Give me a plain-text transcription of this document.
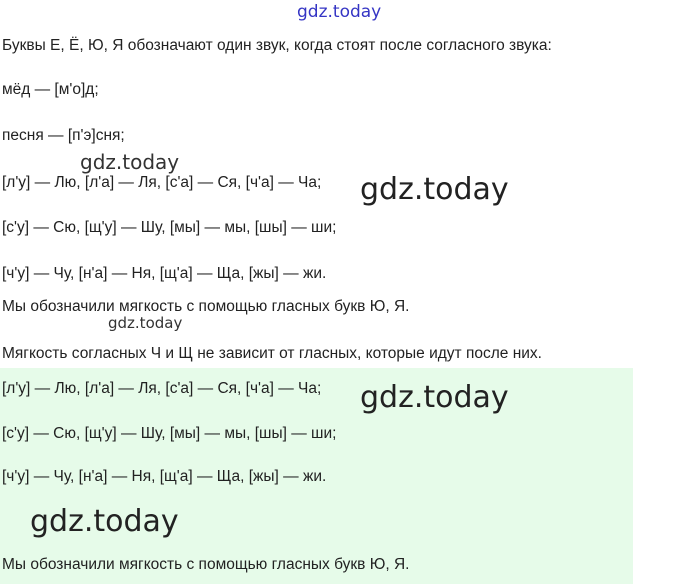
gdz.today
Буквы Е, Ё, Ю, Я обозначают один звук, когда стоят после согласного звука:
мёд — [м'о]д;
песня — [п'э]сня;
gdz.today
[л'у] — Лю, [л'а] — Ля, [с'а] — Ся, [ч'а] — Ча; gdz.today
[с'у] — Сю, [щ'у] — Шу, [мы] — мы, [шы] — ши;
[ч'у] — Чу, [н'а] — Ня, [щ'а] — Ща, [жы] — жи.
Мы обозначили мягкость с помощью гласных букв Ю, Я.
gdz.today
Мягкость согласных Ч и Щ не зависит от гласных, которые идут после них.
[л'у] — Лю, [л'а] — Ля, [с'а] — Ся, [ч'а] — Ча; gdz.today
[с'у] — Сю, [щ'у] — Шу, [мы] — мы, [шы] — ши;
[ч'у] — Чу, [н'а] — Ня, [щ'а] — Ща, [жы] — жи.
gdz.today
Мы обозначили мягкость с помощью гласных букв Ю, Я.
